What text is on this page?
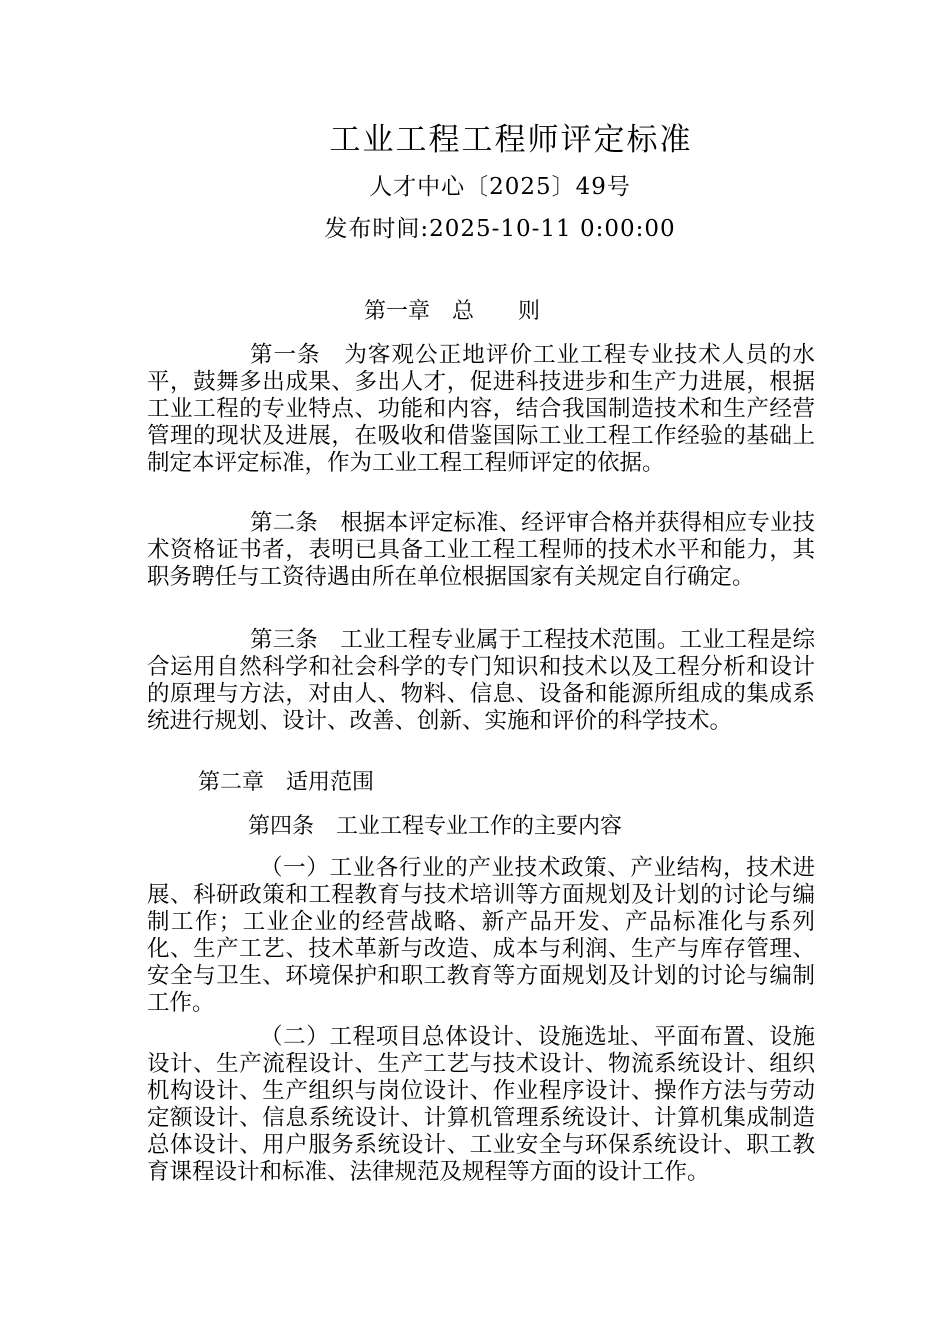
工业工程工程师评定标准
人才中心〔2025〕49号
发布时间:2025-10-11 0:00:00
第一章　总　　则

第一条　为客观公正地评价工业工程专业技术人员的水平，鼓舞多出成果、多出人才，促进科技进步和生产力进展，根据工业工程的专业特点、功能和内容，结合我国制造技术和生产经营管理的现状及进展，在吸收和借鉴国际工业工程工作经验的基础上制定本评定标准，作为工业工程工程师评定的依据。

第二条　根据本评定标准、经评审合格并获得相应专业技术资格证书者，表明已具备工业工程工程师的技术水平和能力，其职务聘任与工资待遇由所在单位根据国家有关规定自行确定。

第三条　工业工程专业属于工程技术范围。工业工程是综合运用自然科学和社会科学的专门知识和技术以及工程分析和设计的原理与方法，对由人、物料、信息、设备和能源所组成的集成系统进行规划、设计、改善、创新、实施和评价的科学技术。

第二章　适用范围
第四条　工业工程专业工作的主要内容

（一）工业各行业的产业技术政策、产业结构，技术进展、科研政策和工程教育与技术培训等方面规划及计划的讨论与编制工作；工业企业的经营战略、新产品开发、产品标准化与系列化、生产工艺、技术革新与改造、成本与利润、生产与库存管理、安全与卫生、环境保护和职工教育等方面规划及计划的讨论与编制工作。

（二）工程项目总体设计、设施选址、平面布置、设施设计、生产流程设计、生产工艺与技术设计、物流系统设计、组织机构设计、生产组织与岗位设计、作业程序设计、操作方法与劳动定额设计、信息系统设计、计算机管理系统设计、计算机集成制造总体设计、用户服务系统设计、工业安全与环保系统设计、职工教育课程设计和标准、法律规范及规程等方面的设计工作。
